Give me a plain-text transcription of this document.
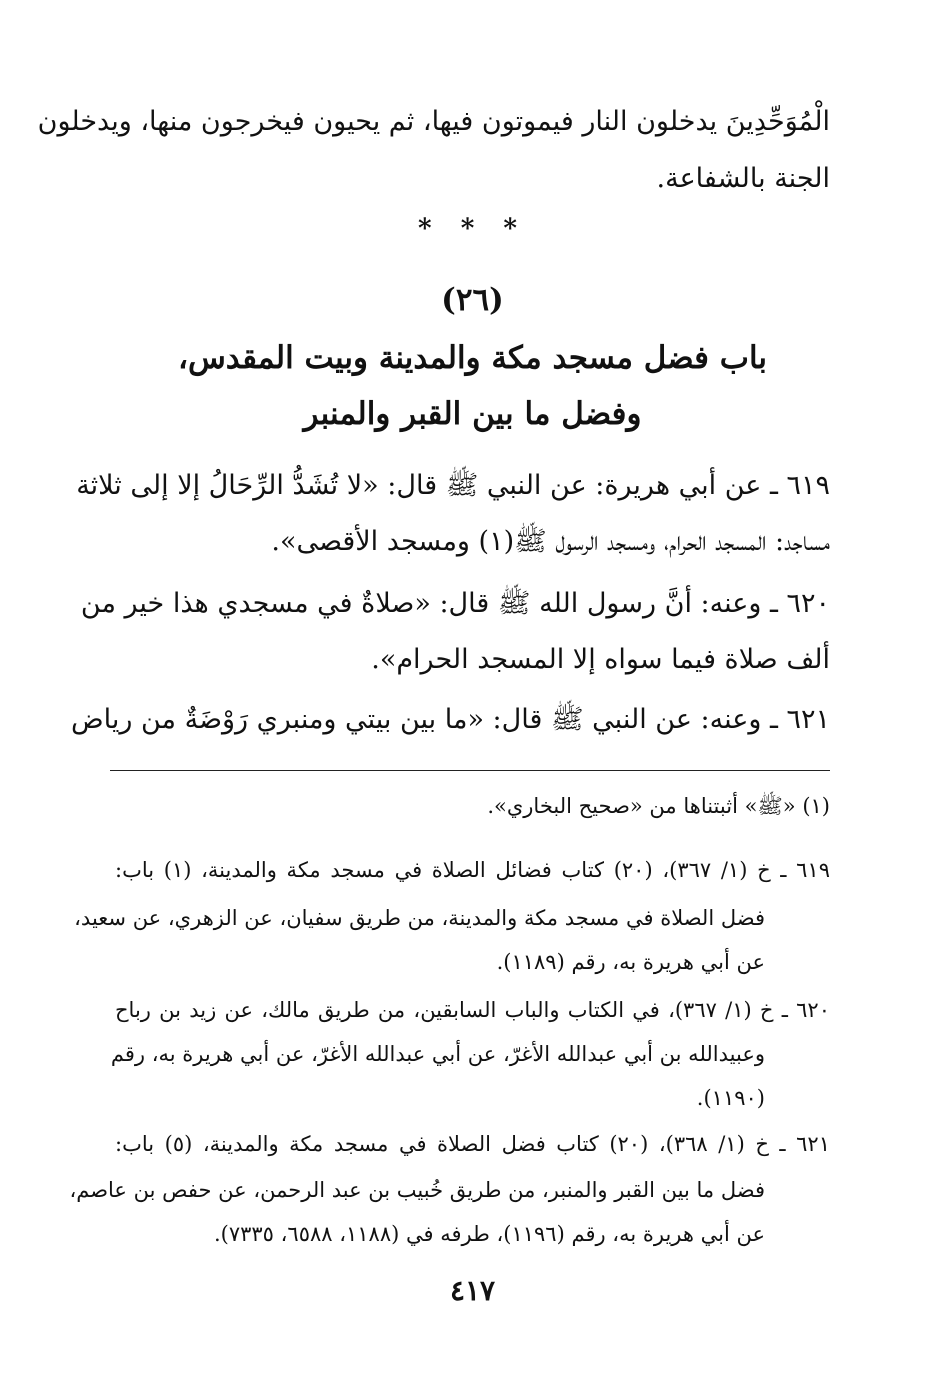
الْمُوَحِّدِينَ يدخلون النار فيموتون فيها، ثم يحيون فيخرجون منها، ويدخلون
الجنة بالشفاعة.
* * *
(٢٦)
باب فضل مسجد مكة والمدينة وبيت المقدس،
وفضل ما بين القبر والمنبر
٦١٩ ـ عن أبي هريرة: عن النبي ﷺ قال: «لا تُشَدُّ الرِّحَالُ إلا إلى ثلاثة
مساجد: المسجد الحرام، ومسجد الرسول ﷺ(١) ومسجد الأقصى».
٦٢٠ ـ وعنه: أنَّ رسول الله ﷺ قال: «صلاةٌ في مسجدي هذا خير من
ألف صلاة فيما سواه إلا المسجد الحرام».
٦٢١ ـ وعنه: عن النبي ﷺ قال: «ما بين بيتي ومنبري رَوْضَةٌ من رياض
(١) «ﷺ» أثبتناها من «صحيح البخاري».
٦١٩ ـ خ (١/ ٣٦٧)، (٢٠) كتاب فضائل الصلاة في مسجد مكة والمدينة، (١) باب:
فضل الصلاة في مسجد مكة والمدينة، من طريق سفيان، عن الزهري، عن سعيد،
عن أبي هريرة به، رقم (١١٨٩).
٦٢٠ ـ خ (١/ ٣٦٧)، في الكتاب والباب السابقين، من طريق مالك، عن زيد بن رباح
وعبيدالله بن أبي عبدالله الأغرّ، عن أبي عبدالله الأغرّ، عن أبي هريرة به، رقم
(١١٩٠).
٦٢١ ـ خ (١/ ٣٦٨)، (٢٠) كتاب فضل الصلاة في مسجد مكة والمدينة، (٥) باب:
فضل ما بين القبر والمنبر، من طريق خُبيب بن عبد الرحمن، عن حفص بن عاصم،
عن أبي هريرة به، رقم (١١٩٦)، طرفه في (١١٨٨، ٦٥٨٨، ٧٣٣٥).
٤١٧
